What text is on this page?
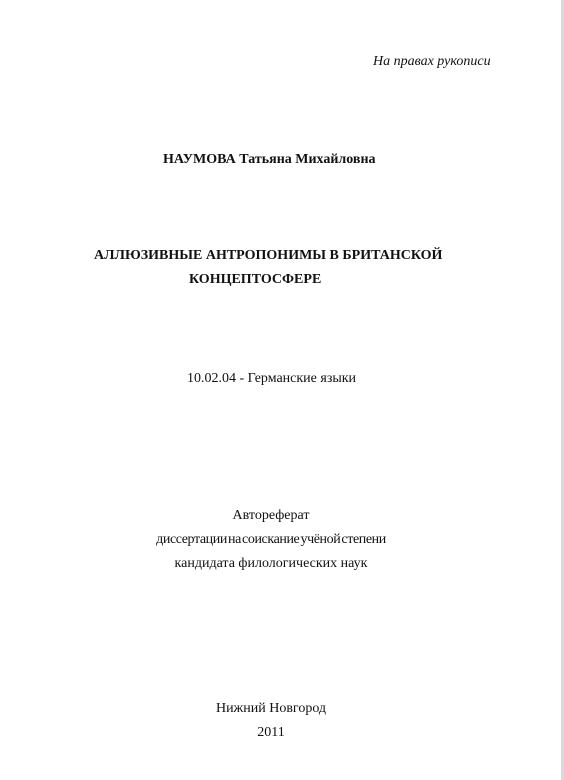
На правах рукописи
НАУМОВА Татьяна Михайловна
АЛЛЮЗИВНЫЕ АНТРОПОНИМЫ В БРИТАНСКОЙ
КОНЦЕПТОСФЕРЕ
10.02.04 - Германские языки
Автореферат
диссертации на соискание учёной степени
кандидата филологических наук
Нижний Новгород
2011
